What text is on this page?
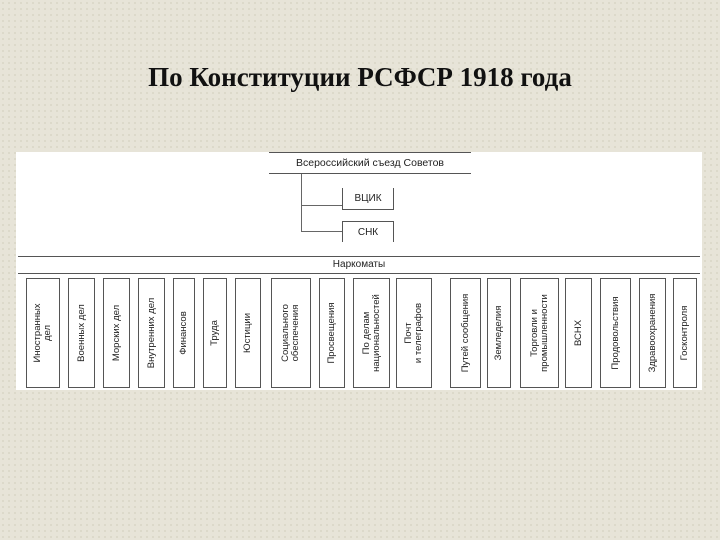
По Конституции РСФСР 1918 года
Всероссийский съезд Советов
ВЦИК
СНК
Наркоматы
Иностранных
дел Военных дел	Морских дел	Внутренних дел Финансов Труда Юстиции	Социального
обеспечения	Просвещения По делам
национальностей Почт
и телеграфов	Путей сообщения Земледелия	Торговли и
промышленности ВСНХ	Продовольствия	Здравоохранения Госконтроля
